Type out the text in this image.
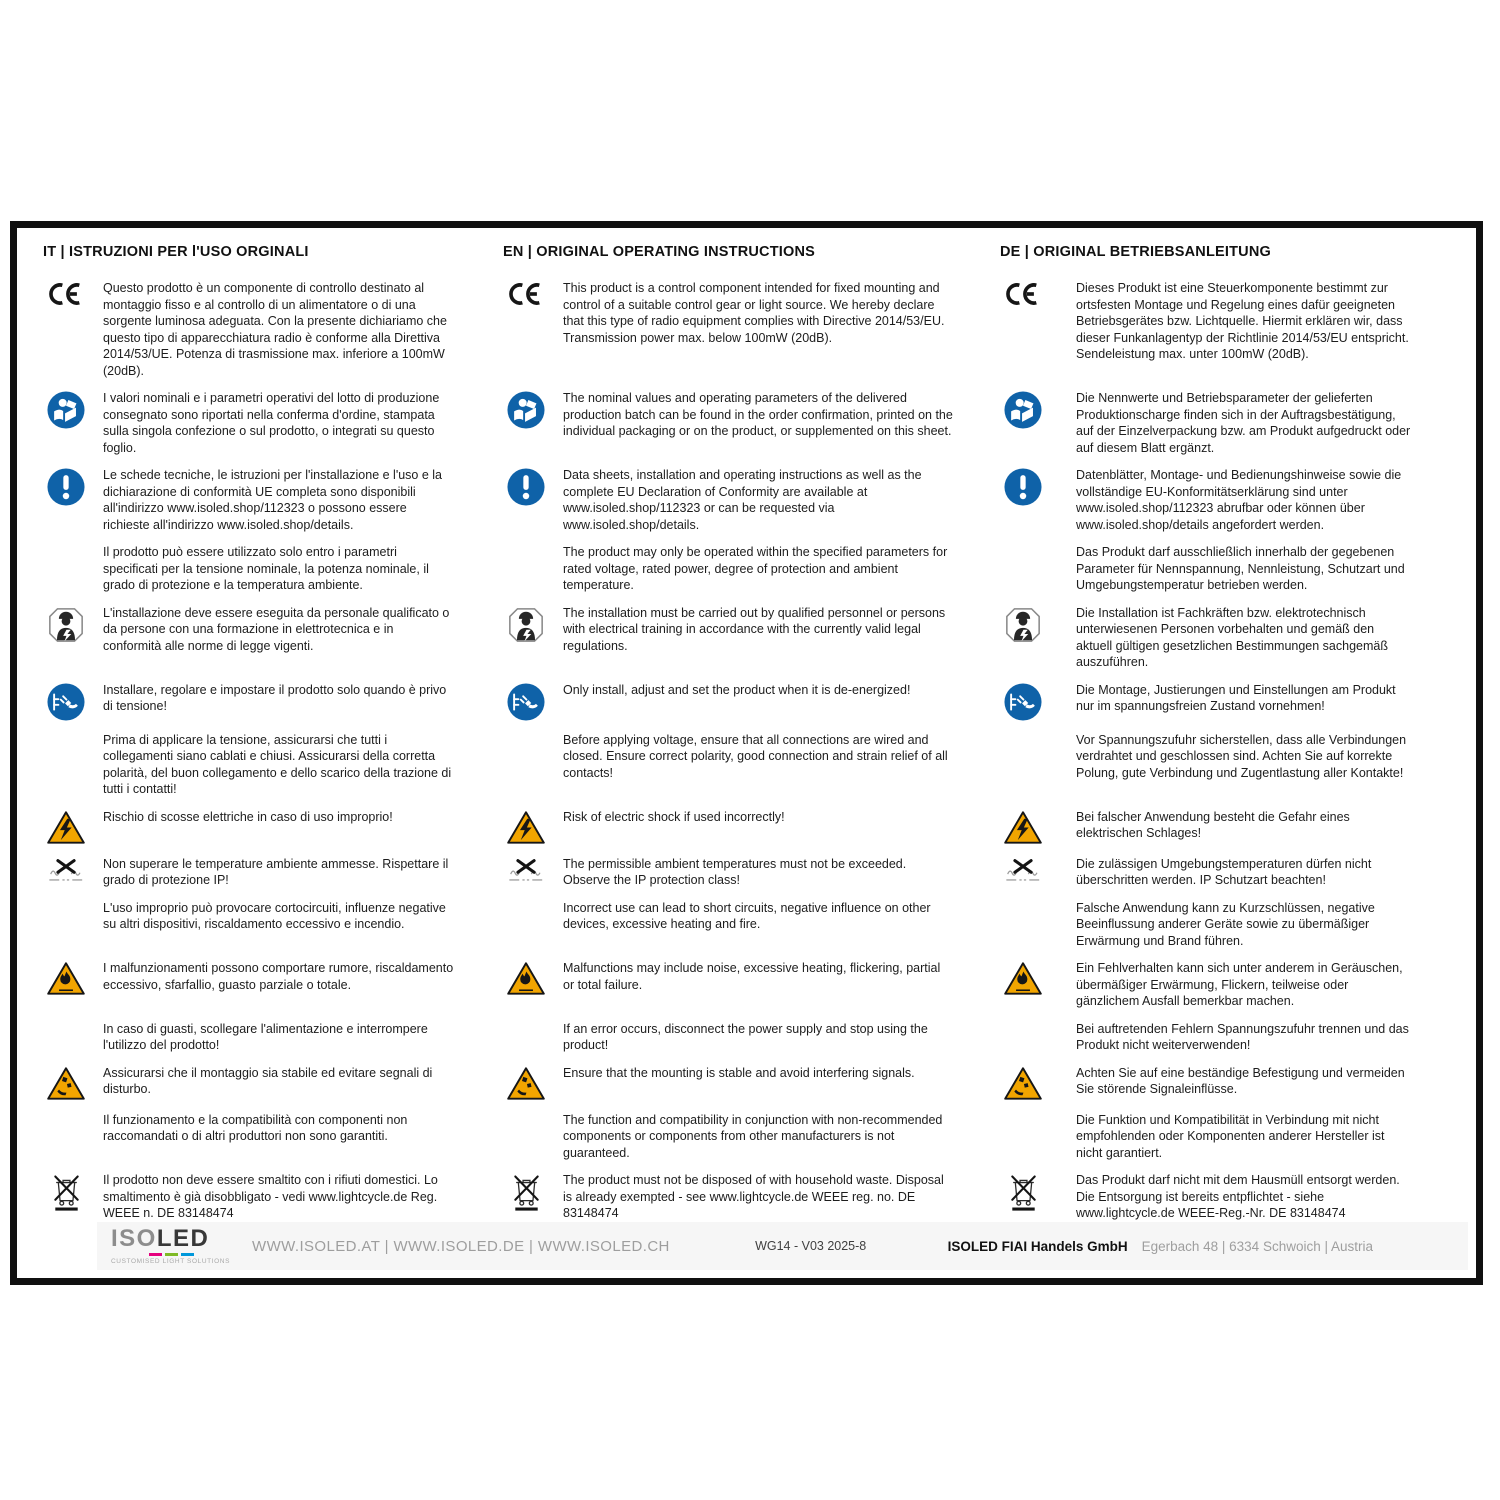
IT | ISTRUZIONI PER l'USO ORGINALI	EN | ORIGINAL OPERATING INSTRUCTIONS	DE | ORIGINAL BETRIEBSANLEITUNG

Questo prodotto è un componente di controllo destinato al montaggio fisso e al controllo di un alimentatore o di una sorgente luminosa adeguata. Con la presente dichiariamo che questo tipo di apparecchiatura radio è conforme alla Direttiva 2014/53/UE. Potenza di trasmissione max. inferiore a 100mW (20dB).

This product is a control component intended for fixed mounting and control of a suitable control gear or light source. We hereby declare that this type of radio equipment complies with Directive 2014/53/EU. Transmission power max. below 100mW (20dB).

Dieses Produkt ist eine Steuerkomponente bestimmt zur ortsfesten Montage und Regelung eines dafür geeigneten Betriebsgerätes bzw. Lichtquelle. Hiermit erklären wir, dass dieser Funkanlagentyp der Richtlinie 2014/53/EU entspricht. Sendeleistung max. unter 100mW (20dB).

I valori nominali e i parametri operativi del lotto di produzione consegnato sono riportati nella conferma d'ordine, stampata sulla singola confezione o sul prodotto, o integrati su questo foglio.

The nominal values and operating parameters of the delivered production batch can be found in the order confirmation, printed on the individual packaging or on the product, or supplemented on this sheet.

Die Nennwerte und Betriebsparameter der gelieferten Produktionscharge finden sich in der Auftragsbestätigung, auf der Einzelverpackung bzw. am Produkt aufgedruckt oder auf diesem Blatt ergänzt.

Le schede tecniche, le istruzioni per l'installazione e l'uso e la dichiarazione di conformità UE completa sono disponibili all'indirizzo www.isoled.shop/112323 o possono essere richieste all'indirizzo www.isoled.shop/details.

Data sheets, installation and operating instructions as well as the complete EU Declaration of Conformity are available at www.isoled.shop/112323 or can be requested via www.isoled.shop/details.

Datenblätter, Montage- und Bedienungshinweise sowie die vollständige EU-Konformitätserklärung sind unter www.isoled.shop/112323 abrufbar oder können über www.isoled.shop/details angefordert werden.

Il prodotto può essere utilizzato solo entro i parametri specificati per la tensione nominale, la potenza nominale, il grado di protezione e la temperatura ambiente.

The product may only be operated within the specified parameters for rated voltage, rated power, degree of protection and ambient temperature.

Das Produkt darf ausschließlich innerhalb der gegebenen Parameter für Nennspannung, Nennleistung, Schutzart und Umgebungstemperatur betrieben werden.

L'installazione deve essere eseguita da personale qualificato o da persone con una formazione in elettrotecnica e in conformità alle norme di legge vigenti.

The installation must be carried out by qualified personnel or persons with electrical training in accordance with the currently valid legal regulations.

Die Installation ist Fachkräften bzw. elektrotechnisch unterwiesenen Personen vorbehalten und gemäß den aktuell gültigen gesetzlichen Bestimmungen sachgemäß auszuführen.

Installare, regolare e impostare il prodotto solo quando è privo di tensione!

Only install, adjust and set the product when it is de-energized!	Die Montage, Justierungen und Einstellungen am Produkt nur im spannungsfreien Zustand vornehmen!

Prima di applicare la tensione, assicurarsi che tutti i collegamenti siano cablati e chiusi. Assicurarsi della corretta polarità, del buon collegamento e dello scarico della trazione di tutti i contatti!

Before applying voltage, ensure that all connections are wired and closed. Ensure correct polarity, good connection and strain relief of all contacts!

Vor Spannungszufuhr sicherstellen, dass alle Verbindungen verdrahtet und geschlossen sind. Achten Sie auf korrekte Polung, gute Verbindung und Zugentlastung aller Kontakte!

Rischio di scosse elettriche in caso di uso improprio!	Risk of electric shock if used incorrectly!	Bei falscher Anwendung besteht die Gefahr eines elektrischen Schlages!

Non superare le temperature ambiente ammesse. Rispettare il grado di protezione IP!

The permissible ambient temperatures must not be exceeded. Observe the IP protection class!

Die zulässigen Umgebungstemperaturen dürfen nicht überschritten werden. IP Schutzart beachten!

L'uso improprio può provocare cortocircuiti, influenze negative su altri dispositivi, riscaldamento eccessivo e incendio.

Incorrect use can lead to short circuits, negative influence on other devices, excessive heating and fire.

Falsche Anwendung kann zu Kurzschlüssen, negative Beeinflussung anderer Geräte sowie zu übermäßiger Erwärmung und Brand führen.

I malfunzionamenti possono comportare rumore, riscaldamento eccessivo, sfarfallio, guasto parziale o totale.

Malfunctions may include noise, excessive heating, flickering, partial or total failure.

Ein Fehlverhalten kann sich unter anderem in Geräuschen, übermäßiger Erwärmung, Flickern, teilweise oder gänzlichem Ausfall bemerkbar machen.

In caso di guasti, scollegare l'alimentazione e interrompere l'utilizzo del prodotto!

If an error occurs, disconnect the power supply and stop using the product!

Bei auftretenden Fehlern Spannungszufuhr trennen und das Produkt nicht weiterverwenden!

Assicurarsi che il montaggio sia stabile ed evitare segnali di disturbo.

Ensure that the mounting is stable and avoid interfering signals.	Achten Sie auf eine beständige Befestigung und vermeiden Sie störende Signaleinflüsse.

Il funzionamento e la compatibilità con componenti non raccomandati o di altri produttori non sono garantiti.

The function and compatibility in conjunction with non-recommended components or components from other manufacturers is not guaranteed.

Die Funktion und Kompatibilität in Verbindung mit nicht empfohlenden oder Komponenten anderer Hersteller ist nicht garantiert.

Il prodotto non deve essere smaltito con i rifiuti domestici. Lo smaltimento è già disobbligato - vedi www.lightcycle.de Reg. WEEE n. DE 83148474

The product must not be disposed of with household waste. Disposal is already exempted - see www.lightcycle.de WEEE reg. no. DE 83148474

Das Produkt darf nicht mit dem Hausmüll entsorgt werden. Die Entsorgung ist bereits entpflichtet - siehe www.lightcycle.de WEEE-Reg.-Nr. DE 83148474

ISOLED
CUSTOMISED LIGHT SOLUTIONS
WWW.ISOLED.AT | WWW.ISOLED.DE | WWW.ISOLED.CH	WG14 - V03 2025-8	ISOLED FIAI Handels GmbH Egerbach 48 | 6334 Schwoich | Austria
